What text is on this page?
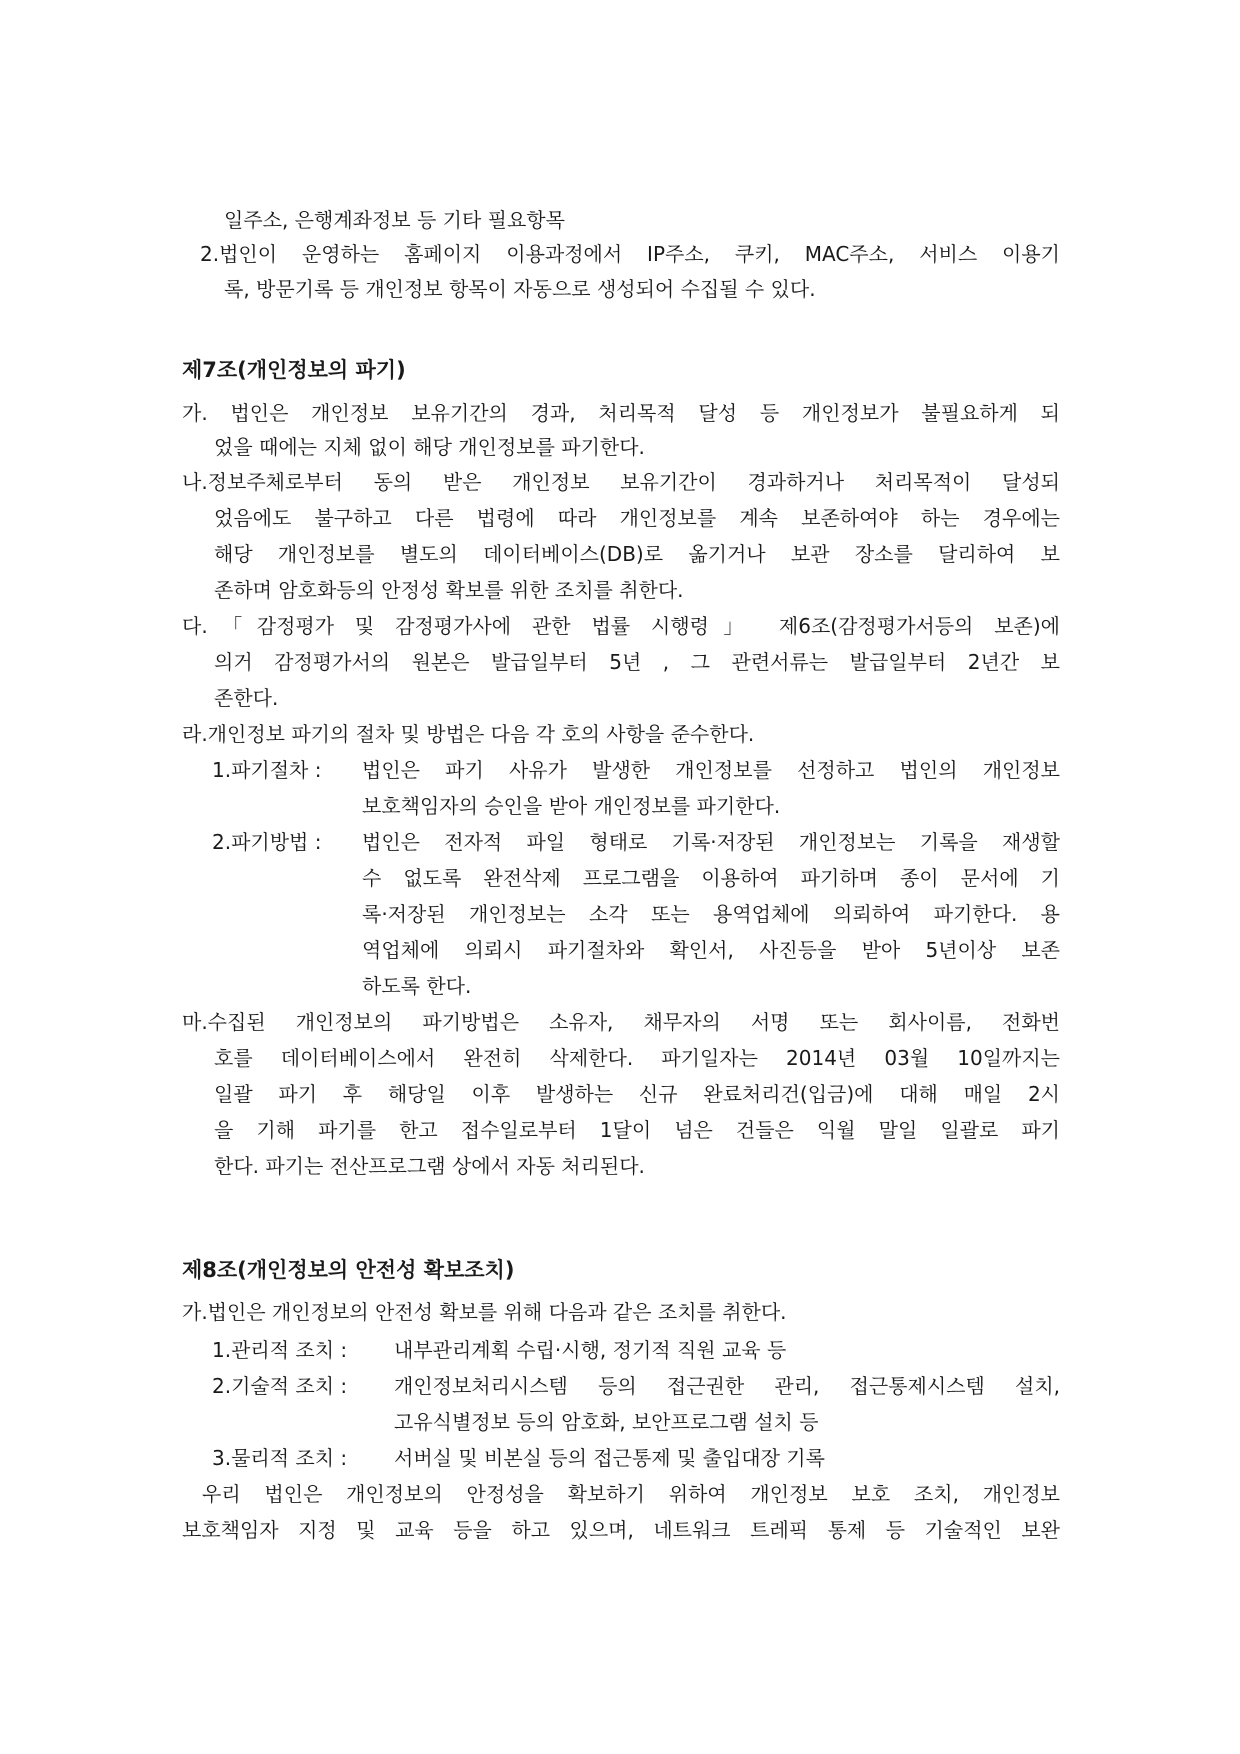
일주소, 은행계좌정보 등 기타 필요항목
2.법인이 운영하는 홈페이지 이용과정에서 IP주소, 쿠키, MAC주소, 서비스 이용기
록, 방문기록 등 개인정보 항목이 자동으로 생성되어 수집될 수 있다.
제7조(개인정보의 파기)
가. 법인은 개인정보 보유기간의 경과, 처리목적 달성 등 개인정보가 불필요하게 되
었을 때에는 지체 없이 해당 개인정보를 파기한다.
나.정보주체로부터 동의 받은 개인정보 보유기간이 경과하거나 처리목적이 달성되
었음에도 불구하고 다른 법령에 따라 개인정보를 계속 보존하여야 하는 경우에는
해당 개인정보를 별도의 데이터베이스(DB)로 옮기거나 보관 장소를 달리하여 보
존하며 암호화등의 안정성 확보를 위한 조치를 취한다.
다.「감정평가 및 감정평가사에 관한 법률 시행령」 제6조(감정평가서등의 보존)에
의거 감정평가서의 원본은 발급일부터 5년 , 그 관련서류는 발급일부터 2년간 보
존한다.
라.개인정보 파기의 절차 및 방법은 다음 각 호의 사항을 준수한다.
1.파기절차 : 법인은 파기 사유가 발생한 개인정보를 선정하고 법인의 개인정보
보호책임자의 승인을 받아 개인정보를 파기한다.
2.파기방법 : 법인은 전자적 파일 형태로 기록·저장된 개인정보는 기록을 재생할
수 없도록 완전삭제 프로그램을 이용하여 파기하며 종이 문서에 기
록·저장된 개인정보는 소각 또는 용역업체에 의뢰하여 파기한다. 용
역업체에 의뢰시 파기절차와 확인서, 사진등을 받아 5년이상 보존
하도록 한다.
마.수집된 개인정보의 파기방법은 소유자, 채무자의 서명 또는 회사이름, 전화번
호를 데이터베이스에서 완전히 삭제한다. 파기일자는 2014년 03월 10일까지는
일괄 파기 후 해당일 이후 발생하는 신규 완료처리건(입금)에 대해 매일 2시
을 기해 파기를 한고 접수일로부터 1달이 넘은 건들은 익월 말일 일괄로 파기
한다. 파기는 전산프로그램 상에서 자동 처리된다.
제8조(개인정보의 안전성 확보조치)
가.법인은 개인정보의 안전성 확보를 위해 다음과 같은 조치를 취한다.
1.관리적 조치 : 내부관리계획 수립·시행, 정기적 직원 교육 등
2.기술적 조치 : 개인정보처리시스템 등의 접근권한 관리, 접근통제시스템 설치,
고유식별정보 등의 암호화, 보안프로그램 설치 등
3.물리적 조치 : 서버실 및 비본실 등의 접근통제 및 출입대장 기록
우리 법인은 개인정보의 안정성을 확보하기 위하여 개인정보 보호 조치, 개인정보
보호책임자 지정 및 교육 등을 하고 있으며, 네트워크 트레픽 통제 등 기술적인 보완
